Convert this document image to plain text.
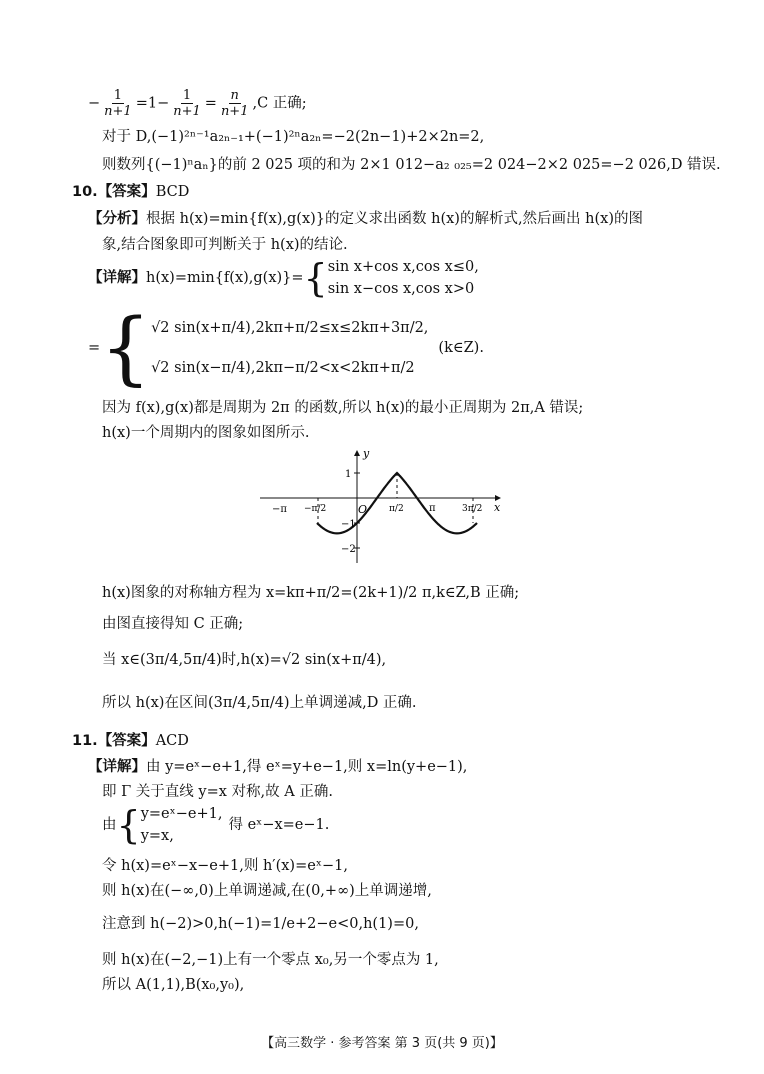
− $\frac{1}{n+1} =1- \frac{1}{n+1} = \frac{n}{n+1} ,C$ 正确;
对于 D,(−1)²ⁿ⁻¹a₂ₙ₋₁+(−1)²ⁿa₂ₙ=−2(2n−1)+2×2n=2,
则数列{(−1)ⁿaₙ}的前 2 025 项的和为 2×1 012−a₂ ₀₂₅=2 024−2×2 025=−2 026,D 错误.
10.【答案】BCD
【分析】根据 h(x)=min{f(x),g(x)}的定义求出函数 h(x)的解析式,然后画出 h(x)的图
象,结合图象即可判断关于 h(x)的结论.
【详解】h(x)=min{f(x),g(x)}={ sin x+cos x,cos x≤0,
sin x−cos x,cos x>0
={ √2 sin(x+π/4),2kπ+π/2≤x≤2kπ+3π/2,
√2 sin(x−π/4),2kπ−π/2<x<2kπ+π/2
(k∈Z).
因为 f(x),g(x)都是周期为 2π 的函数,所以 h(x)的最小正周期为 2π,A 错误;
h(x)一个周期内的图象如图所示.
y
x
O
1
−1
−2
−π −π/2	π/2	π	3π/2
h(x)图象的对称轴方程为 x=kπ+π/2=(2k+1)/2 π,k∈Z,B 正确;
由图直接得知 C 正确;
当 x∈(3π/4,5π/4)时,h(x)=√2 sin(x+π/4),
所以 h(x)在区间(3π/4,5π/4)上单调递减,D 正确.
11.【答案】ACD
【详解】由 y=eˣ−e+1,得 eˣ=y+e−1,则 x=ln(y+e−1),
即 Γ 关于直线 y=x 对称,故 A 正确.
由{ y=eˣ−e+1,
y=x,
得 eˣ−x=e−1.
令 h(x)=eˣ−x−e+1,则 h′(x)=eˣ−1,
则 h(x)在(−∞,0)上单调递减,在(0,+∞)上单调递增,
注意到 h(−2)>0,h(−1)=1/e+2−e<0,h(1)=0,
则 h(x)在(−2,−1)上有一个零点 x₀,另一个零点为 1,
所以 A(1,1),B(x₀,y₀),
【高三数学 · 参考答案 第 3 页(共 9 页)】
